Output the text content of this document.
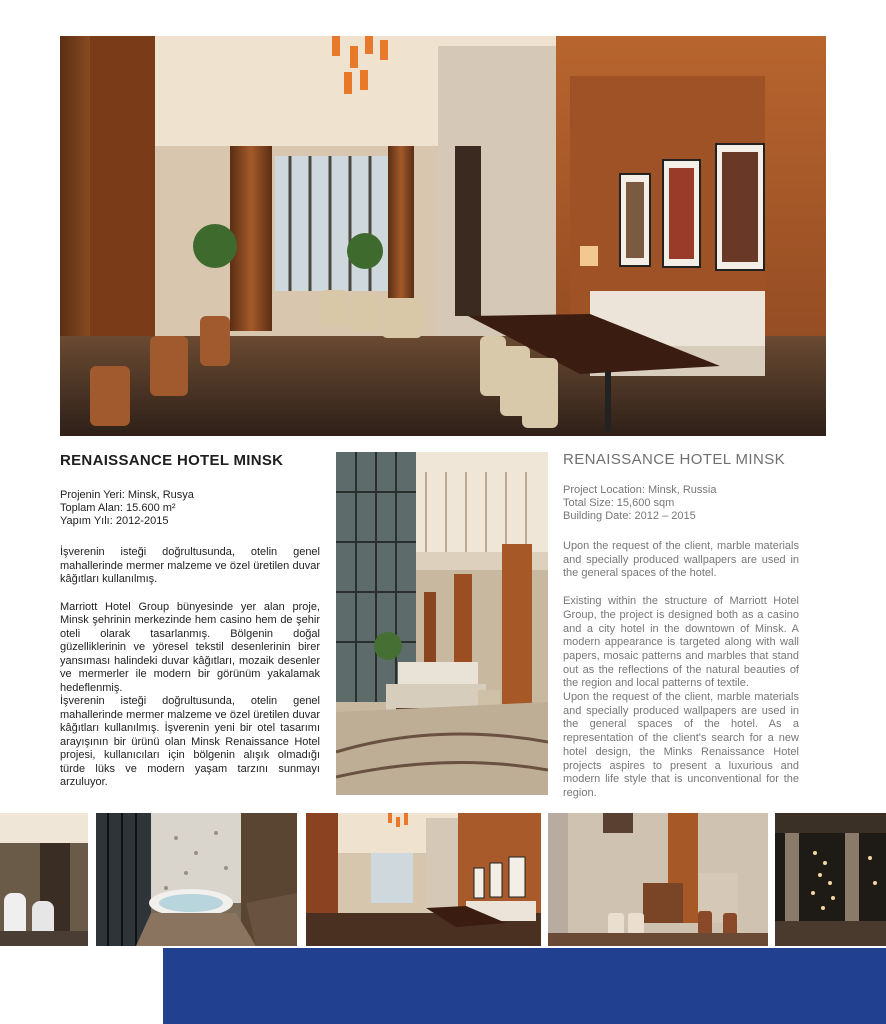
RENAISSANCE HOTEL MINSK
Projenin Yeri: Minsk, Rusya
Toplam Alan: 15.600 m²
Yapım Yılı: 2012-2015

İşverenin isteği doğrultusunda, otelin genel mahallerinde mermer malzeme ve özel üretilen duvar kâğıtları kullanılmış.

Marriott Hotel Group bünyesinde yer alan proje, Minsk şehrinin merkezinde hem casino hem de şehir oteli olarak tasarlanmış. Bölgenin doğal güzelliklerinin ve yöresel tekstil desenlerinin birer yansıması halindeki duvar kâğıtları, mozaik desenler ve mermerler ile modern bir görünüm yakalamak hedeflenmiş.

İşverenin isteği doğrultusunda, otelin genel mahallerinde mermer malzeme ve özel üretilen duvar kâğıtları kullanılmış. İşverenin yeni bir otel tasarımı arayışının bir ürünü olan Minsk Renaissance Hotel projesi, kullanıcıları için bölgenin alışık olmadığı türde lüks ve modern yaşam tarzını sunmayı arzuluyor.

RENAISSANCE HOTEL MINSK
Project Location: Minsk, Russia
Total Size: 15,600 sqm
Building Date: 2012 – 2015

Upon the request of the client, marble materials and specially produced wallpapers are used in the general spaces of the hotel.

Existing within the structure of Marriott Hotel Group, the project is designed both as a casino and a city hotel in the downtown of Minsk. A modern appearance is targeted along with wall papers, mosaic patterns and marbles that stand out as the reflections of the natural beauties of the region and local patterns of textile.

Upon the request of the client, marble materials and specially produced wallpapers are used in the general spaces of the hotel. As a representation of the client's search for a new hotel design, the Minks Renaissance Hotel projects aspires to present a luxurious and modern life style that is unconventional for the region.
